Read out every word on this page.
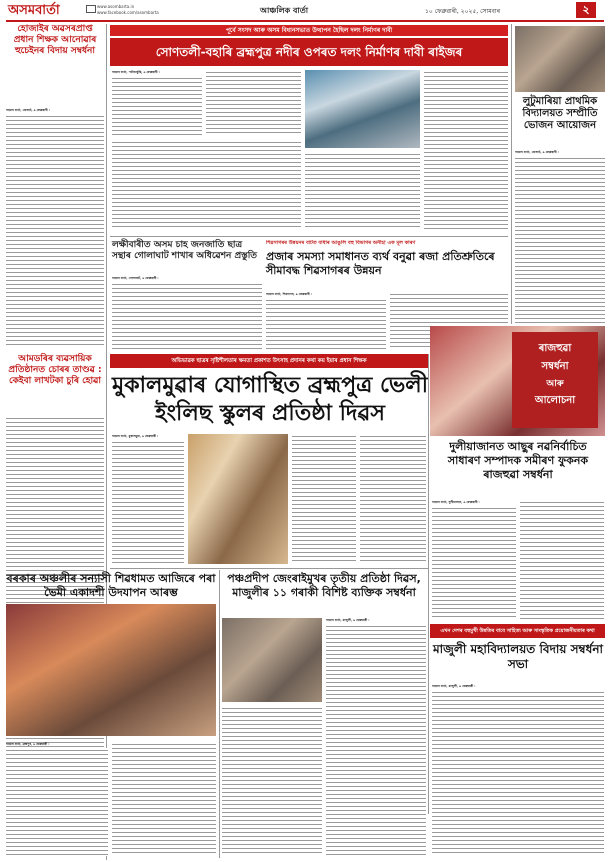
অসমবাৰ্তা	www.asombarta.in
www.facebook.com/asombarta	আঞ্চলিক বাৰ্তা	১০ ফেব্ৰুৱাৰী, ২০২৫, সোমবাৰ	২
হোজাইৰ অৱসৰপ্ৰাপ্ত প্ৰধান শিক্ষক আনোৱাৰ হুচেইনৰ বিদায় সম্বৰ্ধনা
আমাৰ বাৰ্তা, হোজাই, ৯ ফেব্ৰুৱাৰী :
আমডৰিৰ ব্যৱসায়িক প্ৰতিষ্ঠানত চোৰৰ তাণ্ডৱ : কেইবা লাখটকা চুৰি হোৱা
পূৰ্বে সংসদ আৰু অসম বিধানসভাত উত্থাপন হৈছিল দলং নিৰ্মাণৰ দাবী
সোণতলী-বহাৰি ব্ৰহ্মপুত্ৰ নদীৰ ওপৰত দলং নিৰ্মাণৰ দাবী ৰাইজৰ
আমাৰ বাৰ্তা, পাটাচাৰ্কুছি, ৯ ফেব্ৰুৱাৰী :
লুটুমাৰিয়া প্ৰাথমিক বিদ্যালয়ত সম্প্ৰীতি ভোজন আয়োজন
আমাৰ বাৰ্তা, হোজাই, ৯ ফেব্ৰুৱাৰী :
লক্ষীবাৰীত অসম চাহ জনজাতি ছাত্ৰ সন্থাৰ গোলাঘাট শাখাৰ অধিৱেশন প্ৰস্তুতি
আমাৰ বাৰ্তা, গোলাঘাট, ৯ ফেব্ৰুৱাৰী :
শিৱসাগৰৰ উন্নয়নৰ বাটত বাধাৰ আঙুলি বহু বিভাগৰ অনীহা এক মূল কাৰণ
প্ৰজাৰ সমস্যা সমাধানত ব্যৰ্থ বনুৱা ৰজা প্ৰতিশ্ৰুতিৰে সীমাবদ্ধ শিৱসাগৰৰ উন্নয়ন
আমাৰ বাৰ্তা, শিৱসাগৰ, ৯ ফেব্ৰুৱাৰী :
ৰাজহুৱা
সম্বৰ্ধনা
আৰু
আলোচনা
অভিভাৱক ছাত্ৰৰ সৃষ্টিশীলতাৰ ক্ষমতা প্ৰকাশত উৎসাহ প্ৰদানৰ কথা কয় ইয়াৰ প্ৰধান শিক্ষক
মুকালমুৱাৰ যোগাস্থিত ব্ৰহ্মপুত্ৰ ভেলী ইংলিছ স্কুলৰ প্ৰতিষ্ঠা দিৱস
দুলীয়াজানত আছুৰ নৱনিৰ্বাচিত সাধাৰণ সম্পাদক সমীৰণ ফুকনক ৰাজহুৱা সম্বৰ্ধনা
আমাৰ বাৰ্তা, দুলীয়াজান, ৯ ফেব্ৰুৱাৰী :
আমাৰ বাৰ্তা, মুকালমুৱা, ৯ ফেব্ৰুৱাৰী :
এখন দেশৰ বহুমুখী উন্নতিৰ বাবে সাহিত্য আৰু সাংস্কৃতিক প্ৰয়োজনীয়তাৰ কথা
মাজুলী মহাবিদ্যালয়ত বিদায় সম্বৰ্ধনা সভা
আমাৰ বাৰ্তা, মাজুলী, ৯ ফেব্ৰুৱাৰী :
বৰকাৰ অঞ্চলীৰ সন্যাসী শিৱধামত আজিৰে পৰা ভৈমী একাদশী উদযাপন আৰম্ভ
আমাৰ বাৰ্তা, ব্ৰহ্মপুৰ, ৯ ফেব্ৰুৱাৰী :
পঞ্চপ্ৰদীপ জেংৰাইমুখৰ তৃতীয় প্ৰতিষ্ঠা দিৱস, মাজুলীৰ ১১ গৰাকী বিশিষ্ট ব্যক্তিক সম্বৰ্ধনা
আমাৰ বাৰ্তা, মাজুলী, ৯ ফেব্ৰুৱাৰী :
